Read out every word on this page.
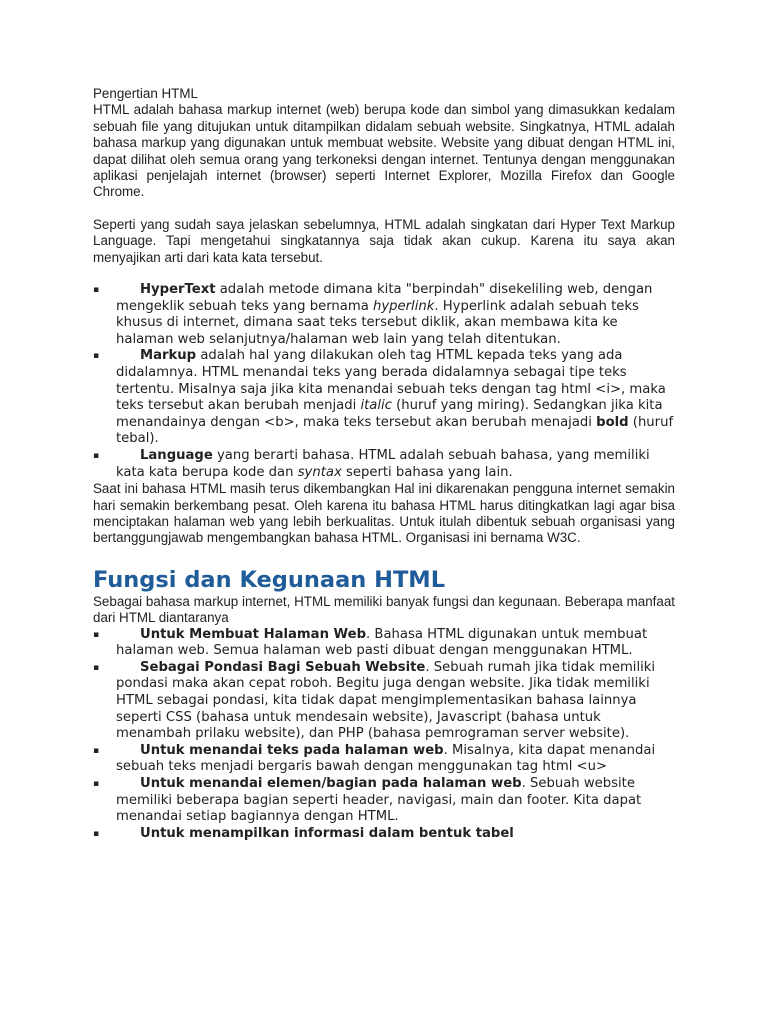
Pengertian HTML

HTML adalah bahasa markup internet (web) berupa kode dan simbol yang dimasukkan kedalam sebuah file yang ditujukan untuk ditampilkan didalam sebuah website. Singkatnya, HTML adalah bahasa markup yang digunakan untuk membuat website. Website yang dibuat dengan HTML ini, dapat dilihat oleh semua orang yang terkoneksi dengan internet. Tentunya dengan menggunakan aplikasi penjelajah internet (browser) seperti Internet Explorer, Mozilla Firefox dan Google Chrome.

Seperti yang sudah saya jelaskan sebelumnya, HTML adalah singkatan dari Hyper Text Markup Language. Tapi mengetahui singkatannya saja tidak akan cukup. Karena itu saya akan menyajikan arti dari kata kata tersebut.

▪	HyperText adalah metode dimana kita "berpindah" disekeliling web, dengan mengeklik sebuah teks yang bernama hyperlink. Hyperlink adalah sebuah teks khusus di internet, dimana saat teks tersebut diklik, akan membawa kita ke halaman web selanjutnya/halaman web lain yang telah ditentukan.
▪	Markup adalah hal yang dilakukan oleh tag HTML kepada teks yang ada didalamnya. HTML menandai teks yang berada didalamnya sebagai tipe teks tertentu. Misalnya saja jika kita menandai sebuah teks dengan tag html <i>, maka teks tersebut akan berubah menjadi italic (huruf yang miring). Sedangkan jika kita menandainya dengan <b>, maka teks tersebut akan berubah menajadi bold (huruf tebal).
▪	Language yang berarti bahasa. HTML adalah sebuah bahasa, yang memiliki kata kata berupa kode dan syntax seperti bahasa yang lain.

Saat ini bahasa HTML masih terus dikembangkan Hal ini dikarenakan pengguna internet semakin hari semakin berkembang pesat. Oleh karena itu bahasa HTML harus ditingkatkan lagi agar bisa menciptakan halaman web yang lebih berkualitas. Untuk itulah dibentuk sebuah organisasi yang bertanggungjawab mengembangkan bahasa HTML. Organisasi ini bernama W3C.

Fungsi dan Kegunaan HTML

Sebagai bahasa markup internet, HTML memiliki banyak fungsi dan kegunaan. Beberapa manfaat dari HTML diantaranya

▪	Untuk Membuat Halaman Web. Bahasa HTML digunakan untuk membuat halaman web. Semua halaman web pasti dibuat dengan menggunakan HTML.
▪	Sebagai Pondasi Bagi Sebuah Website. Sebuah rumah jika tidak memiliki pondasi maka akan cepat roboh. Begitu juga dengan website. Jika tidak memiliki HTML sebagai pondasi, kita tidak dapat mengimplementasikan bahasa lainnya seperti CSS (bahasa untuk mendesain website), Javascript (bahasa untuk menambah prilaku website), dan PHP (bahasa pemrograman server website).
▪	Untuk menandai teks pada halaman web. Misalnya, kita dapat menandai sebuah teks menjadi bergaris bawah dengan menggunakan tag html <u>
▪	Untuk menandai elemen/bagian pada halaman web. Sebuah website memiliki beberapa bagian seperti header, navigasi, main dan footer. Kita dapat menandai setiap bagiannya dengan HTML.
▪	Untuk menampilkan informasi dalam bentuk tabel
